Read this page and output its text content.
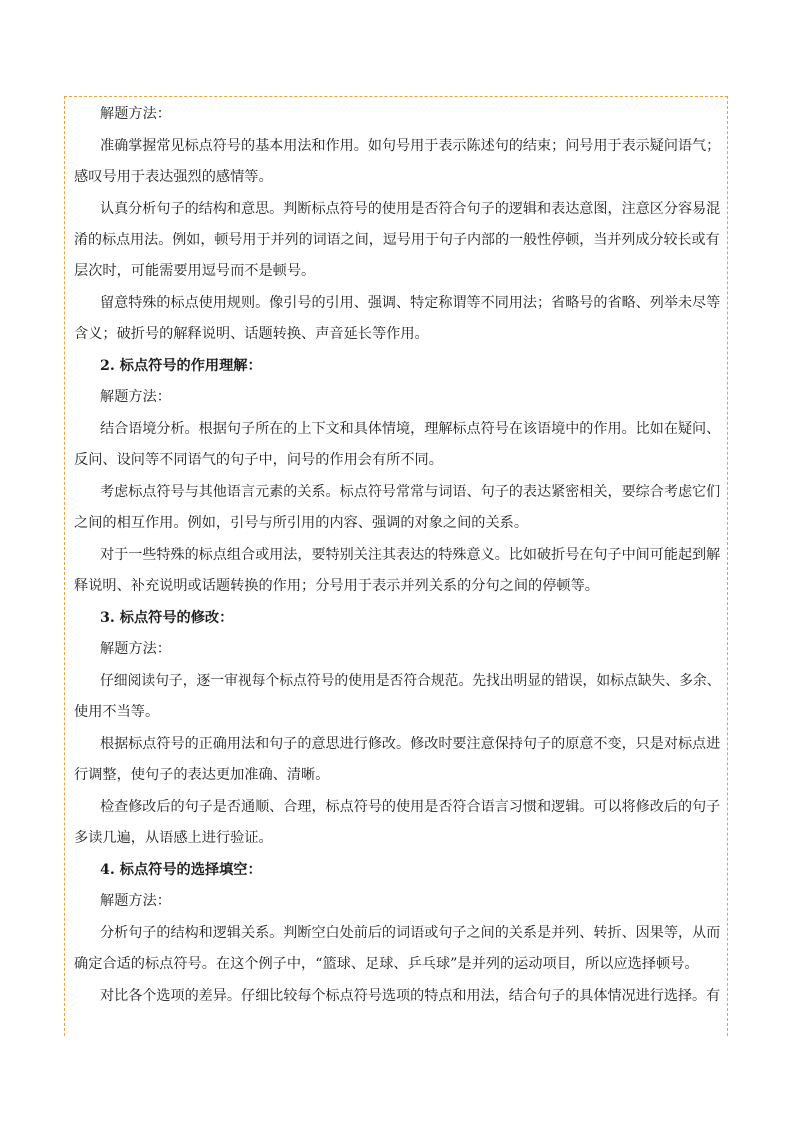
解题方法：
准确掌握常见标点符号的基本用法和作用。如句号用于表示陈述句的结束；问号用于表示疑问语气；
感叹号用于表达强烈的感情等。
认真分析句子的结构和意思。判断标点符号的使用是否符合句子的逻辑和表达意图，注意区分容易混
淆的标点用法。例如，顿号用于并列的词语之间，逗号用于句子内部的一般性停顿，当并列成分较长或有
层次时，可能需要用逗号而不是顿号。
留意特殊的标点使用规则。像引号的引用、强调、特定称谓等不同用法；省略号的省略、列举未尽等
含义；破折号的解释说明、话题转换、声音延长等作用。
2. 标点符号的作用理解：
解题方法：
结合语境分析。根据句子所在的上下文和具体情境，理解标点符号在该语境中的作用。比如在疑问、
反问、设问等不同语气的句子中，问号的作用会有所不同。
考虑标点符号与其他语言元素的关系。标点符号常常与词语、句子的表达紧密相关，要综合考虑它们
之间的相互作用。例如，引号与所引用的内容、强调的对象之间的关系。
对于一些特殊的标点组合或用法，要特别关注其表达的特殊意义。比如破折号在句子中间可能起到解
释说明、补充说明或话题转换的作用；分号用于表示并列关系的分句之间的停顿等。
3. 标点符号的修改：
解题方法：
仔细阅读句子，逐一审视每个标点符号的使用是否符合规范。先找出明显的错误，如标点缺失、多余、
使用不当等。
根据标点符号的正确用法和句子的意思进行修改。修改时要注意保持句子的原意不变，只是对标点进
行调整，使句子的表达更加准确、清晰。
检查修改后的句子是否通顺、合理，标点符号的使用是否符合语言习惯和逻辑。可以将修改后的句子
多读几遍，从语感上进行验证。
4. 标点符号的选择填空：
解题方法：
分析句子的结构和逻辑关系。判断空白处前后的词语或句子之间的关系是并列、转折、因果等，从而
确定合适的标点符号。在这个例子中，“篮球、足球、乒乓球”是并列的运动项目，所以应选择顿号。
对比各个选项的差异。仔细比较每个标点符号选项的特点和用法，结合句子的具体情况进行选择。有
